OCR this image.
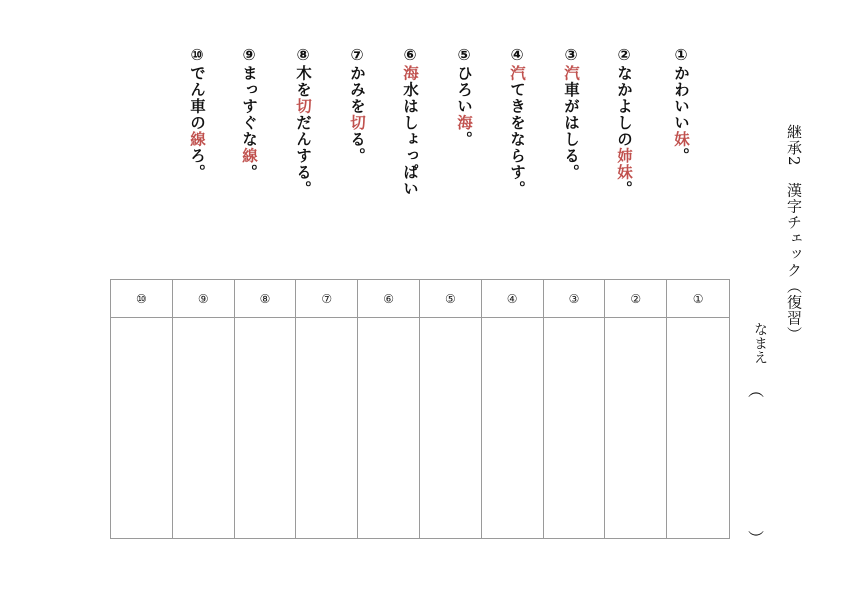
継承2　漢字チェック（復習）
なまえ
（
）
①かわいい妹。
②なかよしの姉妹。
③汽車がはしる。
④汽てきをならす。
⑤ひろい海。
⑥海水はしょっぱい
⑦かみを切る。
⑧木を切だんする。
⑨まっすぐな線。
⑩でん車の線ろ。
⑩	⑨	⑧	⑦	⑥	⑤	④	③	②	①
